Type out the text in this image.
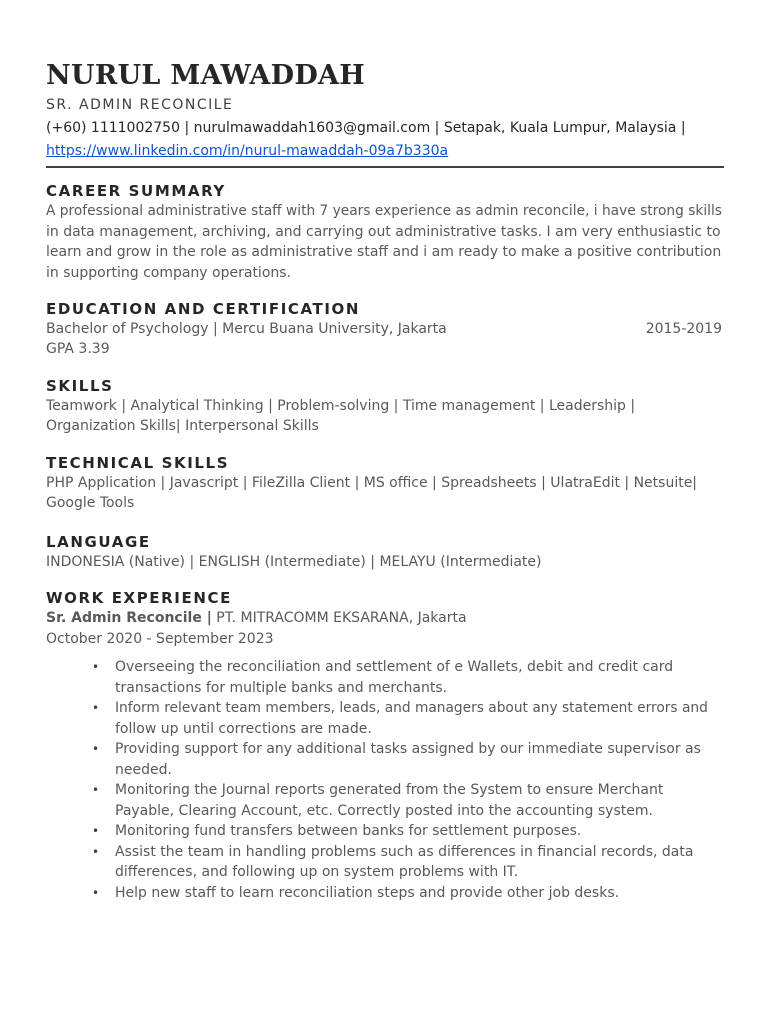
NURUL MAWADDAH
SR. ADMIN RECONCILE
(+60) 1111002750 | nurulmawaddah1603@gmail.com | Setapak, Kuala Lumpur, Malaysia |
https://www.linkedin.com/in/nurul-mawaddah-09a7b330a
CAREER SUMMARY
A professional administrative staff with 7 years experience as admin reconcile, i have strong skills
in data management, archiving, and carrying out administrative tasks. I am very enthusiastic to
learn and grow in the role as administrative staff and i am ready to make a positive contribution
in supporting company operations.
EDUCATION AND CERTIFICATION
Bachelor of Psychology | Mercu Buana University, Jakarta	2015-2019
GPA 3.39
SKILLS
Teamwork | Analytical Thinking | Problem-solving | Time management | Leadership |
Organization Skills| Interpersonal Skills
TECHNICAL SKILLS
PHP Application | Javascript | FileZilla Client | MS office | Spreadsheets | UlatraEdit | Netsuite|
Google Tools
LANGUAGE
INDONESIA (Native) | ENGLISH (Intermediate) | MELAYU (Intermediate)
WORK EXPERIENCE
Sr. Admin Reconcile | PT. MITRACOMM EKSARANA, Jakarta
October 2020 - September 2023
• Overseeing the reconciliation and settlement of e Wallets, debit and credit card
transactions for multiple banks and merchants.
• Inform relevant team members, leads, and managers about any statement errors and
follow up until corrections are made.
• Providing support for any additional tasks assigned by our immediate supervisor as
needed.
• Monitoring the Journal reports generated from the System to ensure Merchant
Payable, Clearing Account, etc. Correctly posted into the accounting system.
• Monitoring fund transfers between banks for settlement purposes.
• Assist the team in handling problems such as differences in financial records, data
differences, and following up on system problems with IT.
• Help new staff to learn reconciliation steps and provide other job desks.
